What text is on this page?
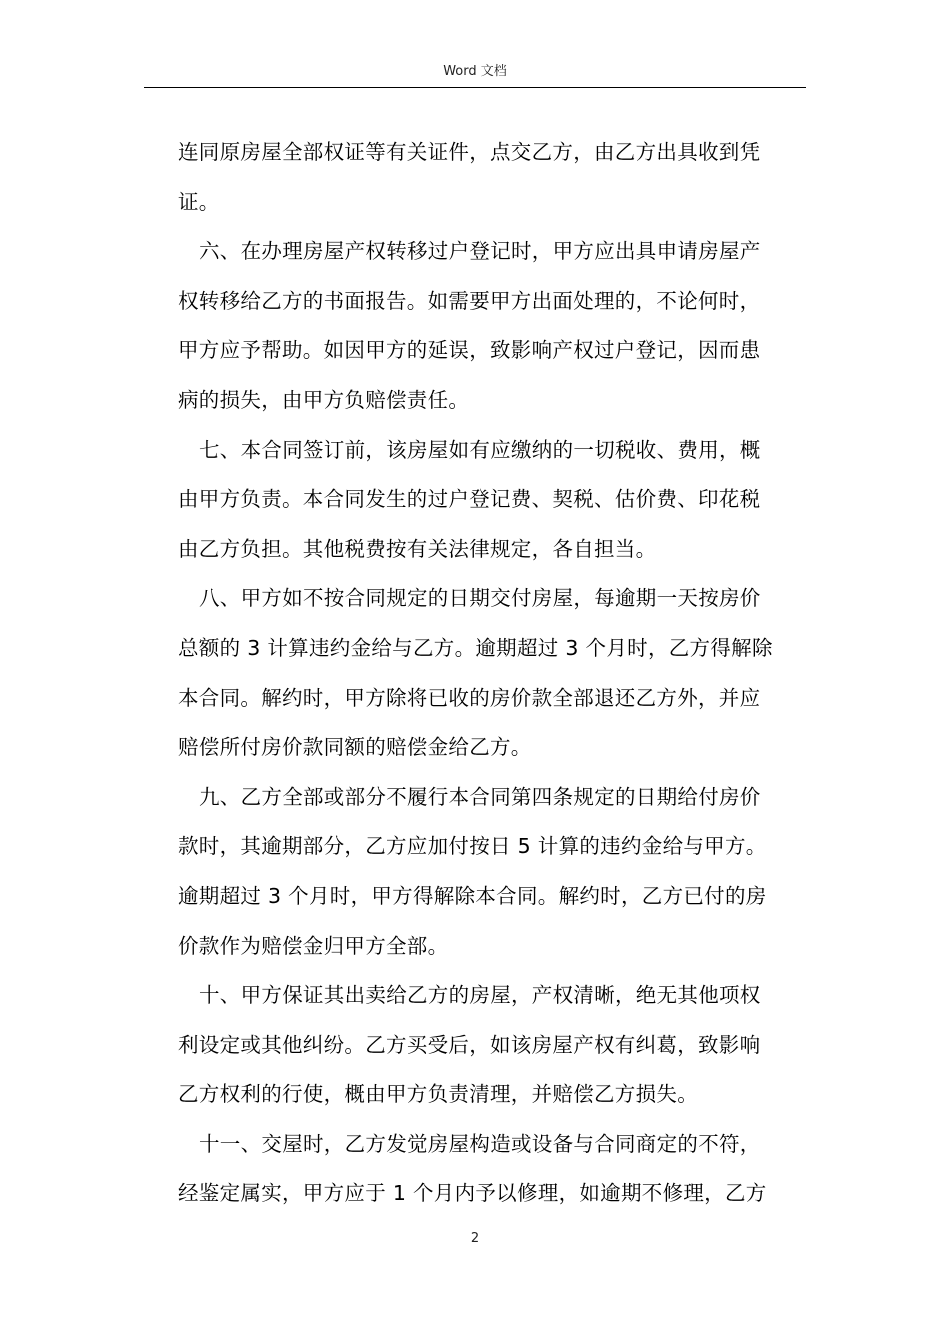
Word 文档
连同原房屋全部权证等有关证件，点交乙方，由乙方出具收到凭
证。
六、在办理房屋产权转移过户登记时，甲方应出具申请房屋产
权转移给乙方的书面报告。如需要甲方出面处理的，不论何时，
甲方应予帮助。如因甲方的延误，致影响产权过户登记，因而患
病的损失，由甲方负赔偿责任。
七、本合同签订前，该房屋如有应缴纳的一切税收、费用，概
由甲方负责。本合同发生的过户登记费、契税、估价费、印花税
由乙方负担。其他税费按有关法律规定，各自担当。
八、甲方如不按合同规定的日期交付房屋，每逾期一天按房价
总额的 3 计算违约金给与乙方。逾期超过 3 个月时，乙方得解除
本合同。解约时，甲方除将已收的房价款全部退还乙方外，并应
赔偿所付房价款同额的赔偿金给乙方。
九、乙方全部或部分不履行本合同第四条规定的日期给付房价
款时，其逾期部分，乙方应加付按日 5 计算的违约金给与甲方。
逾期超过 3 个月时，甲方得解除本合同。解约时，乙方已付的房
价款作为赔偿金归甲方全部。
十、甲方保证其出卖给乙方的房屋，产权清晰，绝无其他项权
利设定或其他纠纷。乙方买受后，如该房屋产权有纠葛，致影响
乙方权利的行使，概由甲方负责清理，并赔偿乙方损失。
十一、交屋时，乙方发觉房屋构造或设备与合同商定的不符，
经鉴定属实，甲方应于 1 个月内予以修理，如逾期不修理，乙方
2
